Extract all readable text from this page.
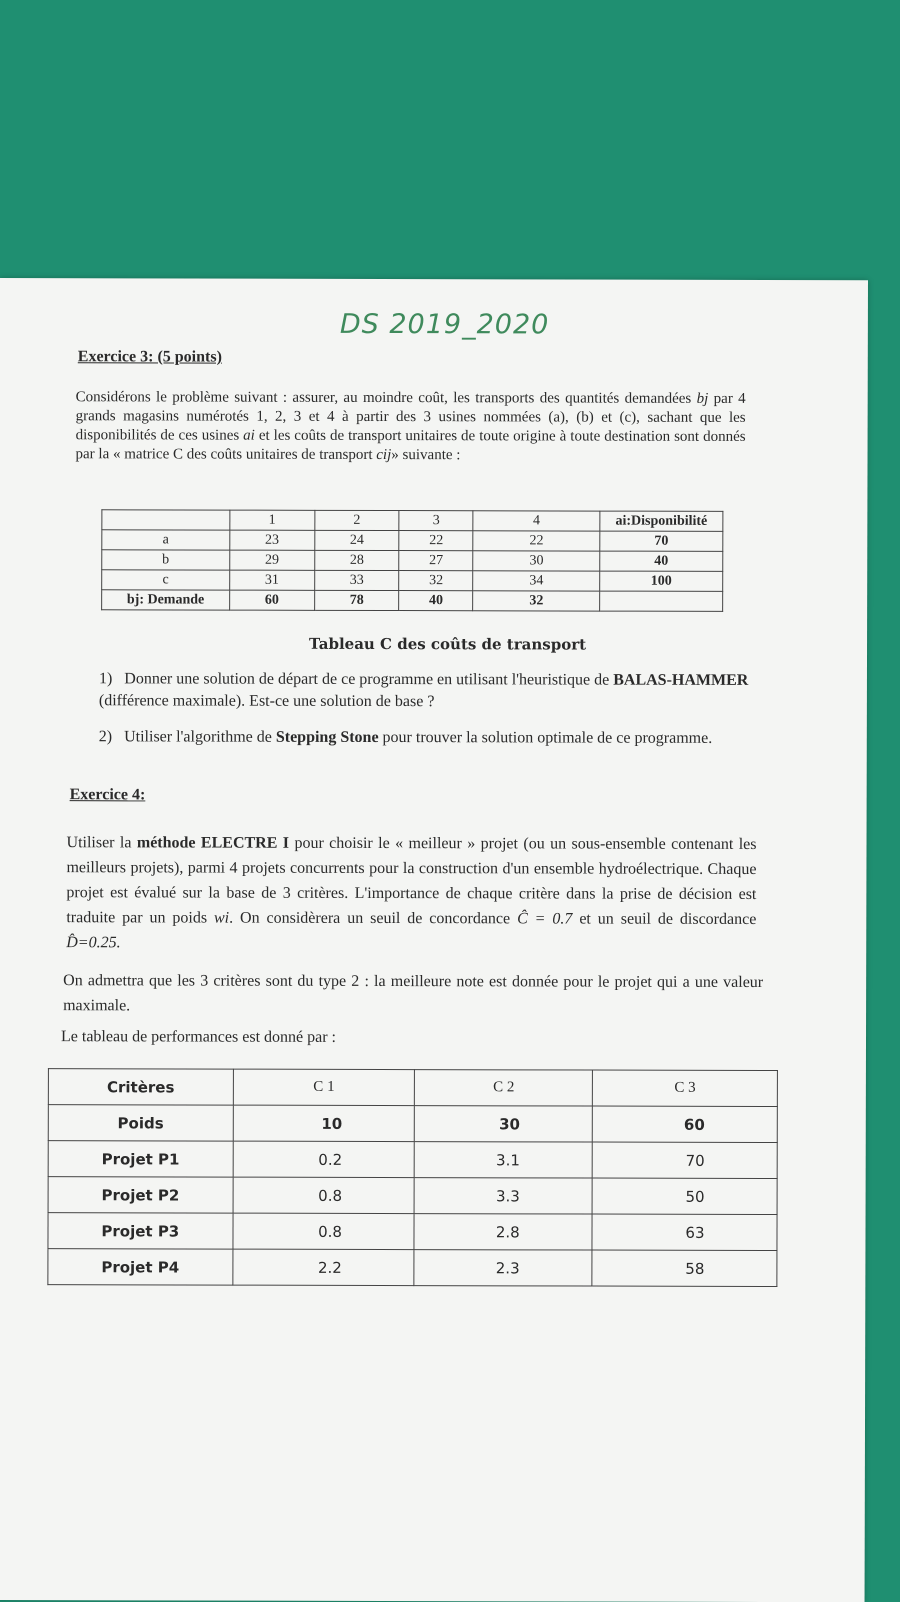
DS 2019_2020
Exercice 3: (5 points)
Considérons le problème suivant : assurer, au moindre coût, les transports des quantités demandées bj par 4 grands magasins numérotés 1, 2, 3 et 4 à partir des 3 usines nommées (a), (b) et (c), sachant que les disponibilités de ces usines ai et les coûts de transport unitaires de toute origine à toute destination sont donnés par la « matrice C des coûts unitaires de transport cij» suivante :
	1	2	3	4	ai:Disponibilité
a	23	24	22	22	70
b	29	28	27	30	40
c	31	33	32	34	100
bj: Demande	60	78	40	32	
Tableau C des coûts de transport
1) Donner une solution de départ de ce programme en utilisant l'heuristique de BALAS-HAMMER (différence maximale). Est-ce une solution de base ?
2) Utiliser l'algorithme de Stepping Stone pour trouver la solution optimale de ce programme.
Exercice 4:
Utiliser la méthode ELECTRE I pour choisir le « meilleur » projet (ou un sous-ensemble contenant les meilleurs projets), parmi 4 projets concurrents pour la construction d'un ensemble hydroélectrique. Chaque projet est évalué sur la base de 3 critères. L'importance de chaque critère dans la prise de décision est traduite par un poids wi. On considèrera un seuil de concordance Ĉ = 0.7 et un seuil de discordance D̂=0.25.
On admettra que les 3 critères sont du type 2 : la meilleure note est donnée pour le projet qui a une valeur maximale.
Le tableau de performances est donné par :
Critères	C 1	C 2	C 3
Poids	10	30	60
Projet P1	0.2	3.1	70
Projet P2	0.8	3.3	50
Projet P3	0.8	2.8	63
Projet P4	2.2	2.3	58
